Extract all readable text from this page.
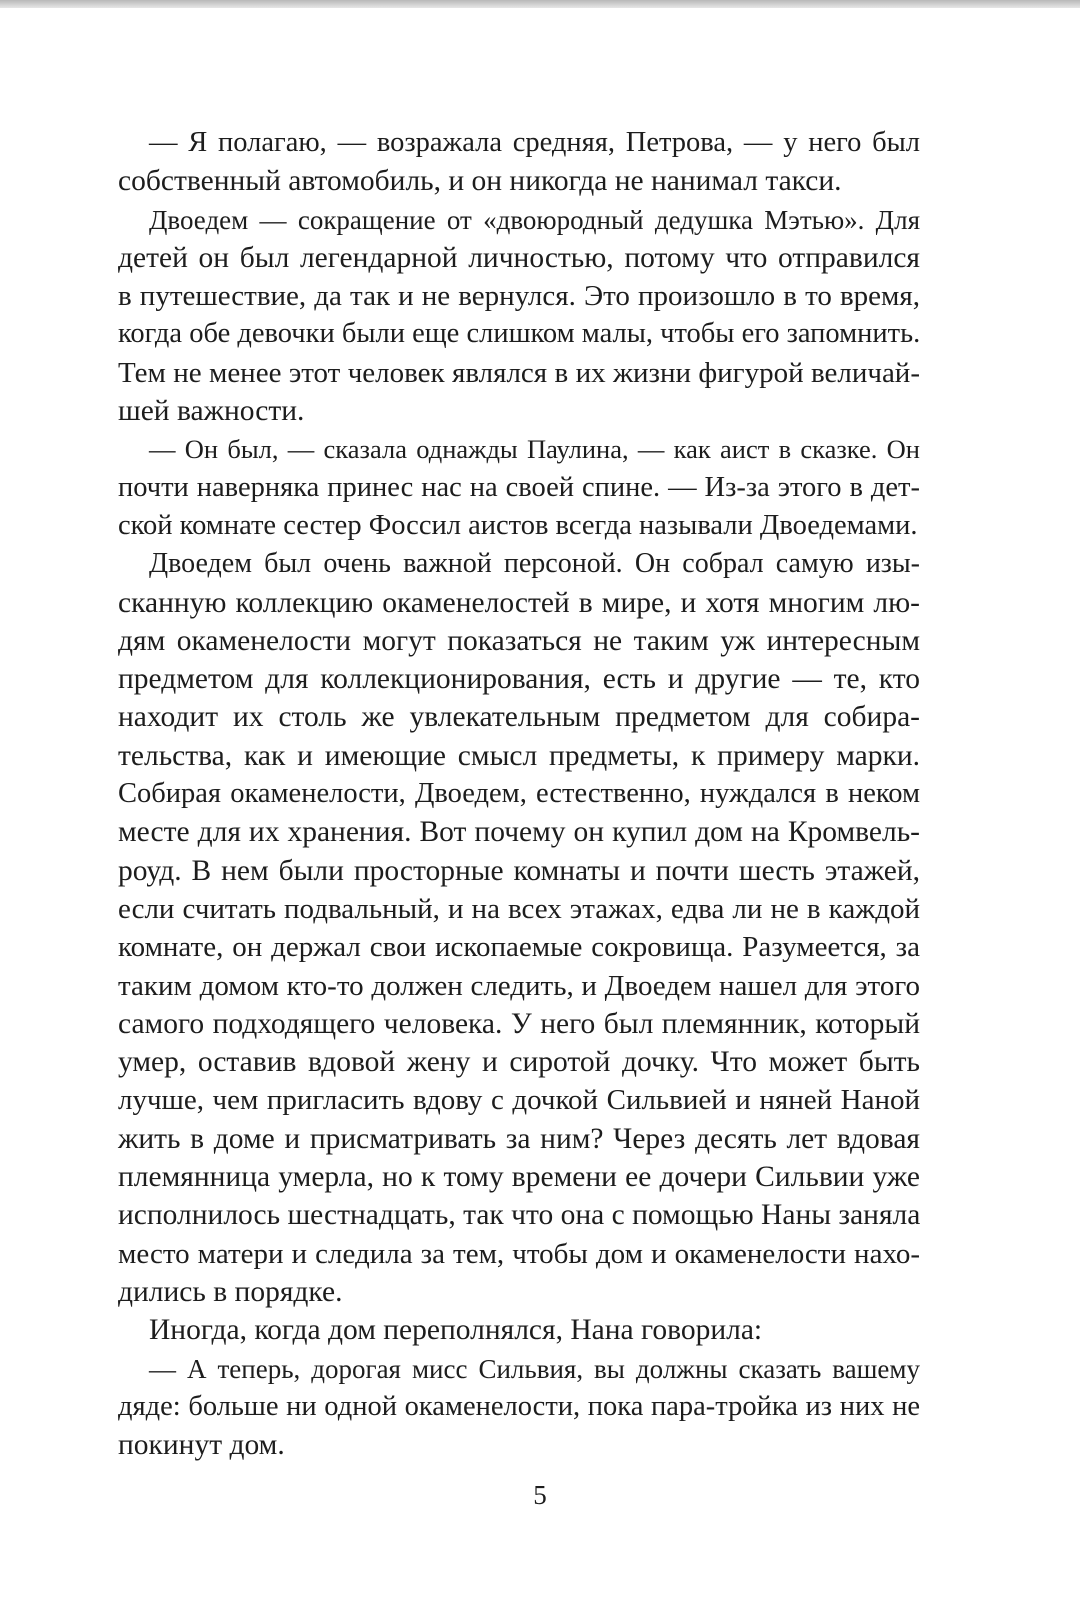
— Я полагаю, — возражала средняя, Петрова, — у него был
собственный автомобиль, и он никогда не нанимал такси.
Двоедем — сокращение от «двоюродный дедушка Мэтью». Для
детей он был легендарной личностью, потому что отправился
в путешествие, да так и не вернулся. Это произошло в то время,
когда обе девочки были еще слишком малы, чтобы его запомнить.
Тем не менее этот человек являлся в их жизни фигурой величай-
шей важности.
— Он был, — сказала однажды Паулина, — как аист в сказке. Он
почти наверняка принес нас на своей спине. — Из-за этого в дет-
ской комнате сестер Фоссил аистов всегда называли Двоедемами.
Двоедем был очень важной персоной. Он собрал самую изы-
сканную коллекцию окаменелостей в мире, и хотя многим лю-
дям окаменелости могут показаться не таким уж интересным
предметом для коллекционирования, есть и другие — те, кто
находит их столь же увлекательным предметом для собира-
тельства, как и имеющие смысл предметы, к примеру марки.
Собирая окаменелости, Двоедем, естественно, нуждался в неком
месте для их хранения. Вот почему он купил дом на Кромвель-
роуд. В нем были просторные комнаты и почти шесть этажей,
если считать подвальный, и на всех этажах, едва ли не в каждой
комнате, он держал свои ископаемые сокровища. Разумеется, за
таким домом кто-то должен следить, и Двоедем нашел для этого
самого подходящего человека. У него был племянник, который
умер, оставив вдовой жену и сиротой дочку. Что может быть
лучше, чем пригласить вдову с дочкой Сильвией и няней Наной
жить в доме и присматривать за ним? Через десять лет вдовая
племянница умерла, но к тому времени ее дочери Сильвии уже
исполнилось шестнадцать, так что она с помощью Наны заняла
место матери и следила за тем, чтобы дом и окаменелости нахо-
дились в порядке.
Иногда, когда дом переполнялся, Нана говорила:
— А теперь, дорогая мисс Сильвия, вы должны сказать вашему
дяде: больше ни одной окаменелости, пока пара-тройка из них не
покинут дом.
5
